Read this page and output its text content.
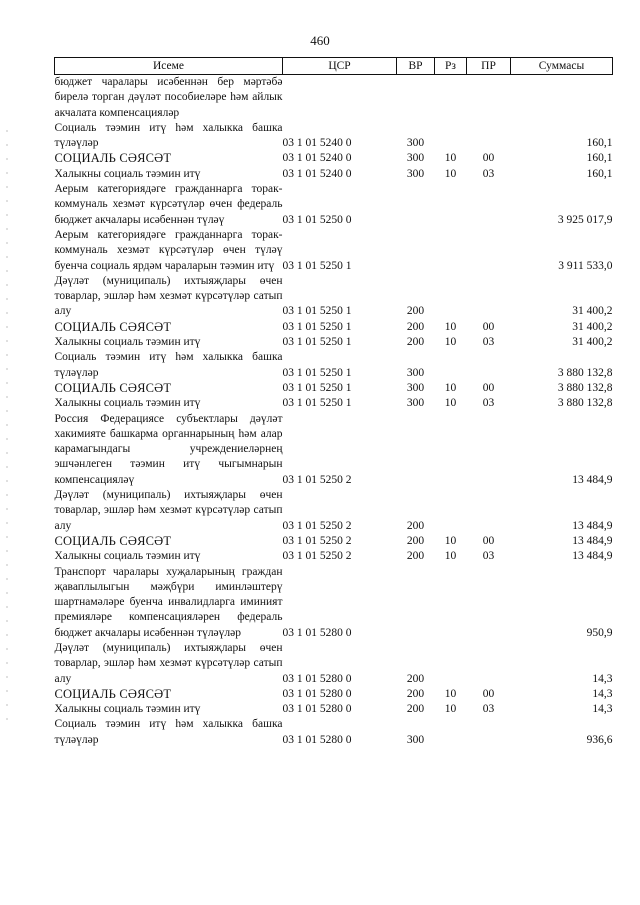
460
Исеме	ЦСР	ВР	Рз	ПР	Суммасы
бюджет чаралары исәбеннән бер мәртәбә бирелә торган дәүләт пособиеләре һәм айлык акчалата компенсацияләр					
Социаль тәэмин итү һәм халыкка башка түләүләр	03 1 01 5240 0	300			160,1
СОЦИАЛЬ СӘЯСӘТ	03 1 01 5240 0	300	10	00	160,1
Халыкны социаль тәэмин итү	03 1 01 5240 0	300	10	03	160,1
Аерым категориядәге гражданнарга торак-коммуналь хезмәт күрсәтүләр өчен федераль бюджет акчалары исәбеннән түләү	03 1 01 5250 0				3 925 017,9
Аерым категориядәге гражданнарга торак-коммуналь хезмәт күрсәтүләр өчен түләү буенча социаль ярдәм чараларын тәэмин итү	03 1 01 5250 1				3 911 533,0
Дәүләт (муниципаль) ихтыяҗлары өчен товарлар, эшләр һәм хезмәт күрсәтүләр сатып алу	03 1 01 5250 1	200			31 400,2
СОЦИАЛЬ СӘЯСӘТ	03 1 01 5250 1	200	10	00	31 400,2
Халыкны социаль тәэмин итү	03 1 01 5250 1	200	10	03	31 400,2
Социаль тәэмин итү һәм халыкка башка түләүләр	03 1 01 5250 1	300			3 880 132,8
СОЦИАЛЬ СӘЯСӘТ	03 1 01 5250 1	300	10	00	3 880 132,8
Халыкны социаль тәэмин итү	03 1 01 5250 1	300	10	03	3 880 132,8
Россия Федерациясе субъектлары дәүләт хакимияте башкарма органнарының һәм алар карамагындагы учреждениеләрнең эшчәнлеген тәэмин итү чыгымнарын компенсацияләү	03 1 01 5250 2				13 484,9
Дәүләт (муниципаль) ихтыяҗлары өчен товарлар, эшләр һәм хезмәт күрсәтүләр сатып алу	03 1 01 5250 2	200			13 484,9
СОЦИАЛЬ СӘЯСӘТ	03 1 01 5250 2	200	10	00	13 484,9
Халыкны социаль тәэмин итү	03 1 01 5250 2	200	10	03	13 484,9
Транспорт чаралары хуҗаларының граждан җаваплылыгын мәҗбүри иминләштерү шартнамәләре буенча инвалидларга иминият премияләре компенсацияләрен федераль бюджет акчалары исәбеннән түләүләр	03 1 01 5280 0				950,9
Дәүләт (муниципаль) ихтыяҗлары өчен товарлар, эшләр һәм хезмәт күрсәтүләр сатып алу	03 1 01 5280 0	200			14,3
СОЦИАЛЬ СӘЯСӘТ	03 1 01 5280 0	200	10	00	14,3
Халыкны социаль тәэмин итү	03 1 01 5280 0	200	10	03	14,3
Социаль тәэмин итү һәм халыкка башка түләүләр	03 1 01 5280 0	300			936,6
